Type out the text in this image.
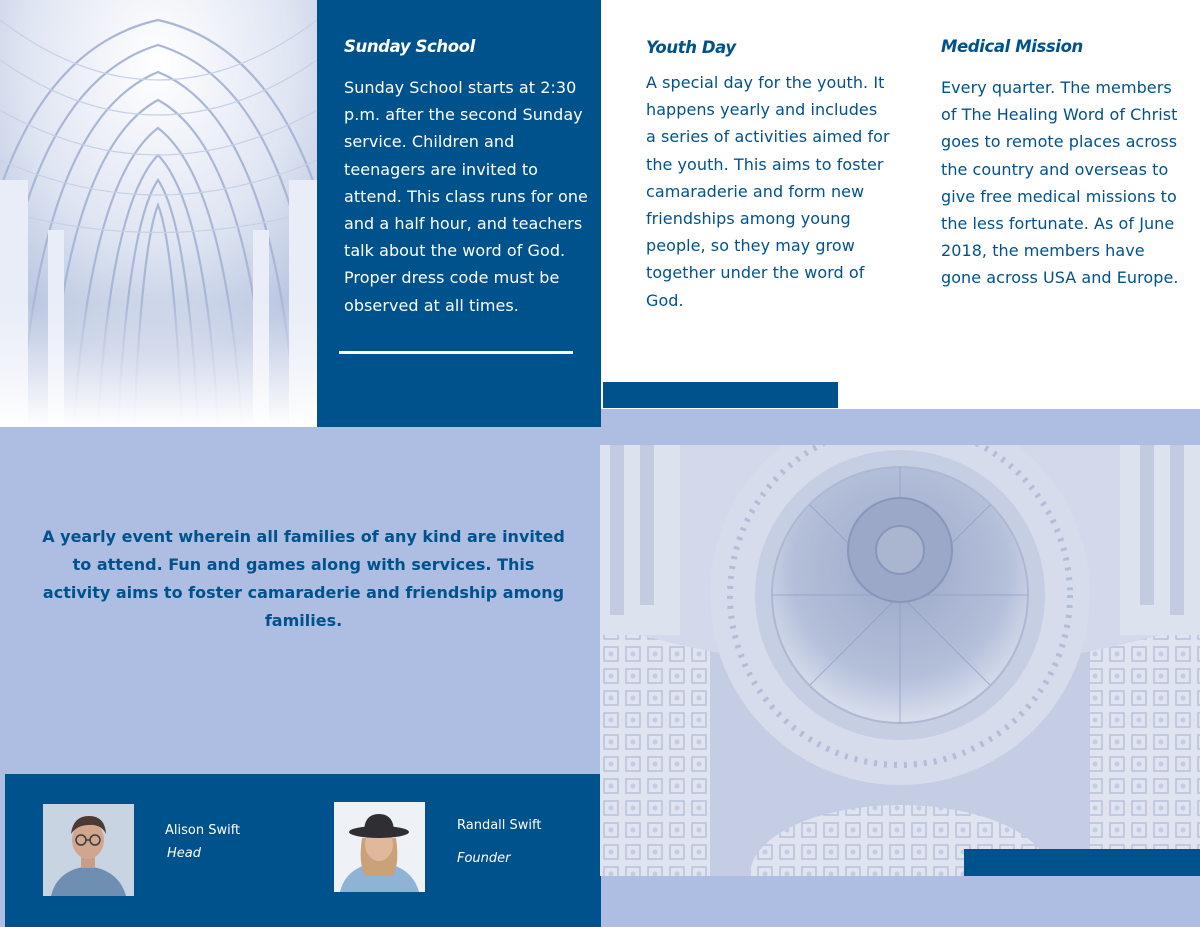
Sunday School

Sunday School starts at 2:30 p.m. after the second Sunday service. Children and teenagers are invited to attend. This class runs for one and a half hour, and teachers talk about the word of God. Proper dress code must be observed at all times.

Youth Day

A special day for the youth. It happens yearly and includes a series of activities aimed for the youth. This aims to foster camaraderie and form new friendships among young people, so they may grow together under the word of God.

Medical Mission

Every quarter. The members of The Healing Word of Christ goes to remote places across the country and overseas to give free medical missions to the less fortunate. As of June 2018, the members have gone across USA and Europe.

A yearly event wherein all families of any kind are invited to attend. Fun and games along with services. This activity aims to foster camaraderie and friendship among families.

Alison Swift

Head

Randall Swift

Founder
